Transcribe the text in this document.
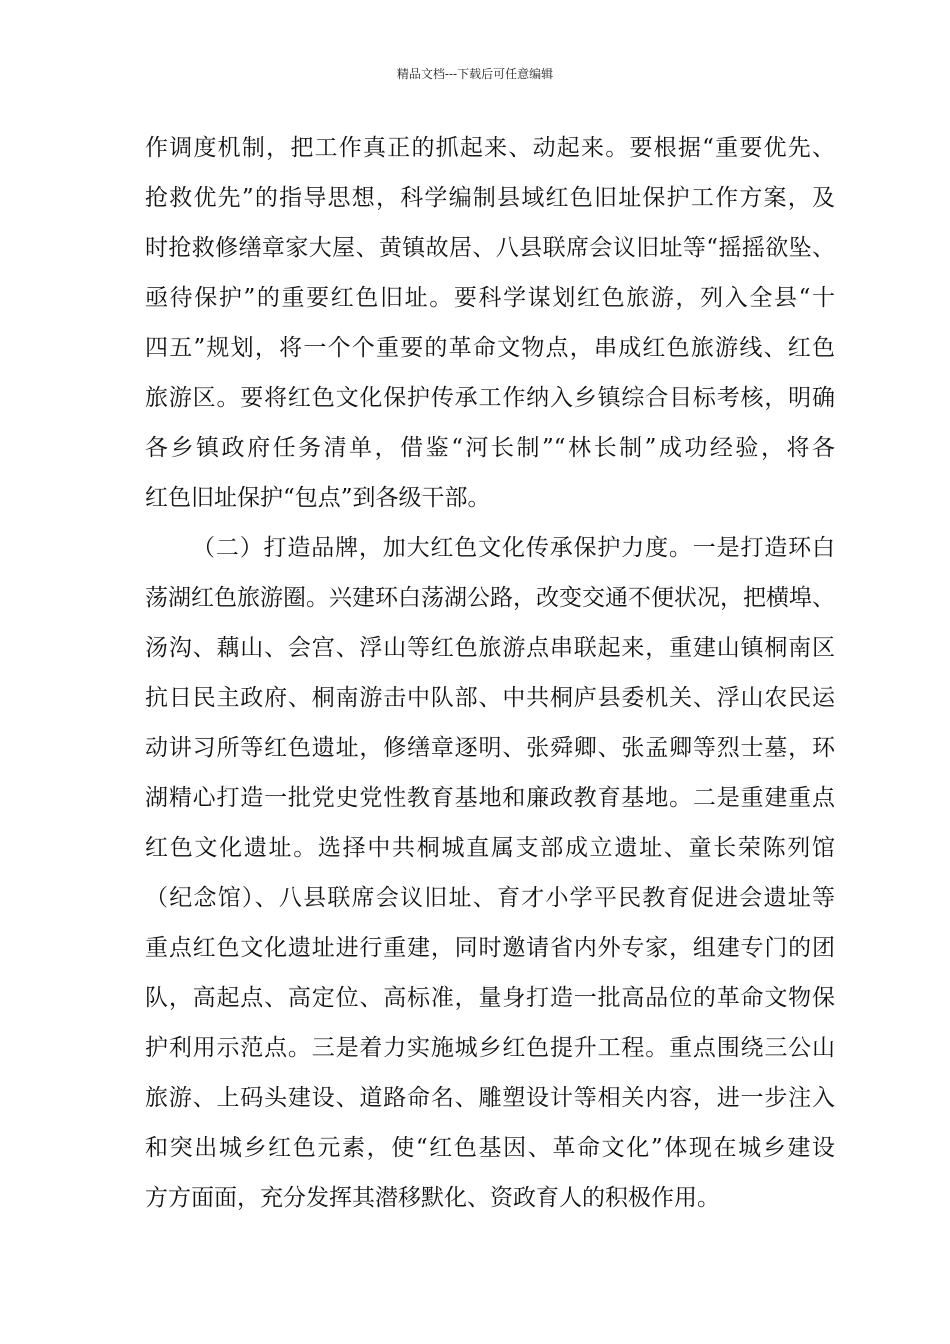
精品文档---下载后可任意编辑
作调度机制，把工作真正的抓起来、动起来。要根据“重要优先、
抢救优先”的指导思想，科学编制县域红色旧址保护工作方案，及
时抢救修缮章家大屋、黄镇故居、八县联席会议旧址等“摇摇欲坠、
亟待保护”的重要红色旧址。要科学谋划红色旅游，列入全县“十
四五”规划，将一个个重要的革命文物点，串成红色旅游线、红色
旅游区。要将红色文化保护传承工作纳入乡镇综合目标考核，明确
各乡镇政府任务清单，借鉴“河长制”“林长制”成功经验，将各
红色旧址保护“包点”到各级干部。
（二）打造品牌，加大红色文化传承保护力度。一是打造环白
荡湖红色旅游圈。兴建环白荡湖公路，改变交通不便状况，把横埠、
汤沟、藕山、会宫、浮山等红色旅游点串联起来，重建山镇桐南区
抗日民主政府、桐南游击中队部、中共桐庐县委机关、浮山农民运
动讲习所等红色遗址，修缮章逐明、张舜卿、张孟卿等烈士墓，环
湖精心打造一批党史党性教育基地和廉政教育基地。二是重建重点
红色文化遗址。选择中共桐城直属支部成立遗址、童长荣陈列馆
（纪念馆）、八县联席会议旧址、育才小学平民教育促进会遗址等
重点红色文化遗址进行重建，同时邀请省内外专家，组建专门的团
队，高起点、高定位、高标准，量身打造一批高品位的革命文物保
护利用示范点。三是着力实施城乡红色提升工程。重点围绕三公山
旅游、上码头建设、道路命名、雕塑设计等相关内容，进一步注入
和突出城乡红色元素，使“红色基因、革命文化”体现在城乡建设
方方面面，充分发挥其潜移默化、资政育人的积极作用。
